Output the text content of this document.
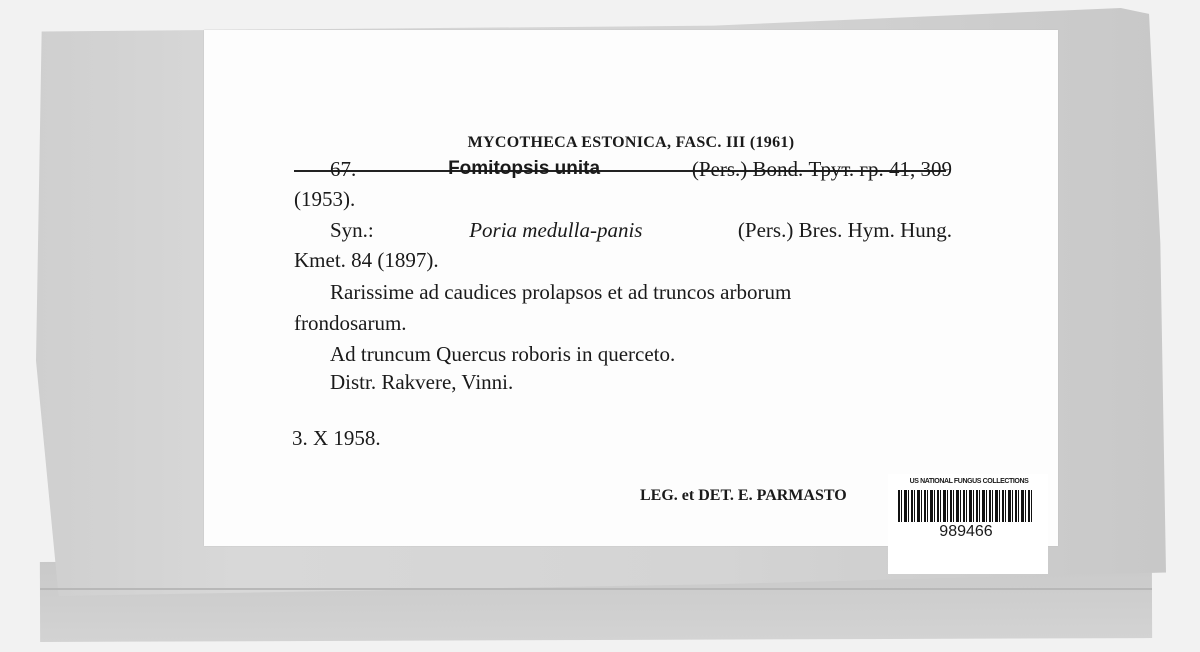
MYCOTHECA ESTONICA, FASC. III (1961)
67.	Fomitopsis unita	(Pers.) Bond. Трут. гр. 41, 309
(1953).
Syn.:	Poria medulla-panis	(Pers.) Bres. Hym. Hung.
Kmet. 84 (1897).
Rarissime ad caudices prolapsos et ad truncos arborum
frondosarum.
Ad truncum Quercus roboris in querceto.
Distr. Rakvere, Vinni.
3. X 1958.
LEG. et DET. E. PARMASTO
US NATIONAL FUNGUS COLLECTIONS
989466
